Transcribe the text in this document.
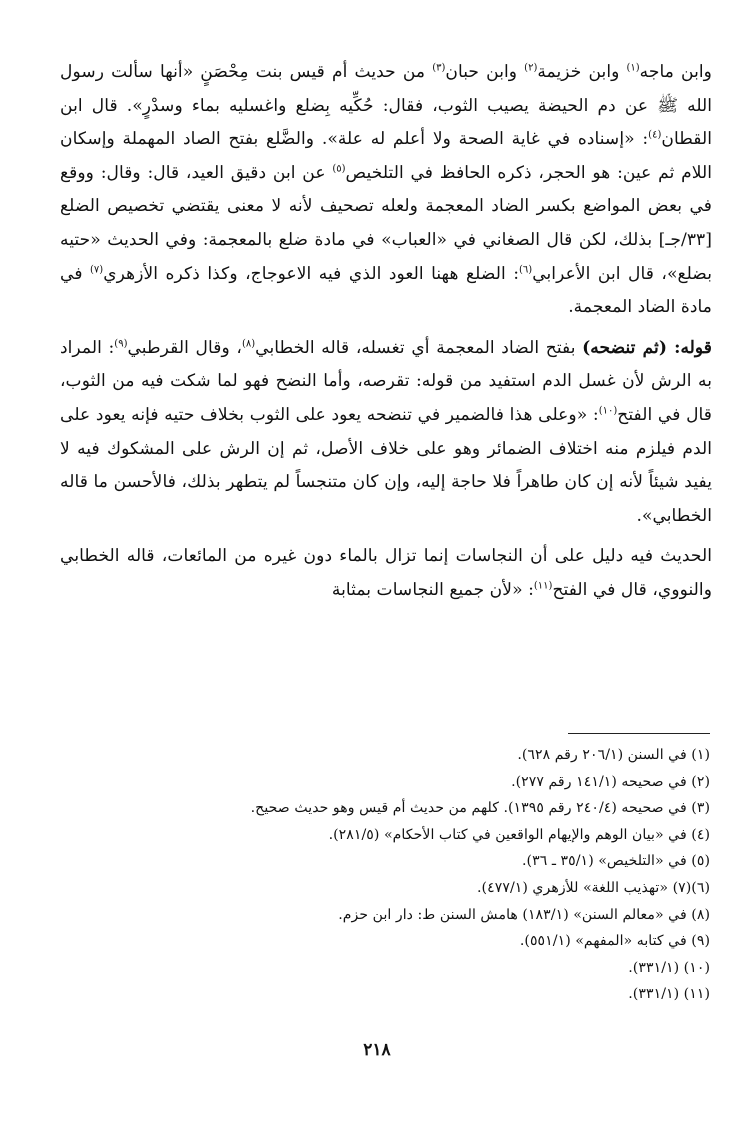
وابن ماجه$^{(١)}$ وابن خزيمة$^{(٢)}$ وابن حبان$^{(٣)}$ من حديث أم قيس بنت مِحْصَنٍ «أنها سألت رسول الله ﷺ عن دم الحيضة يصيب الثوب، فقال: حُكِّيه بِضلع واغسليه بماء وسدْرٍ». قال ابن القطان$^{(٤)}$: «إسناده في غاية الصحة ولا أعلم له علة». والضَّلع بفتح الصاد المهملة وإسكان اللام ثم عين: هو الحجر، ذكره الحافظ في التلخيص$^{(٥)}$ عن ابن دقيق العيد، قال: وقال: ووقع في بعض المواضع بكسر الضاد المعجمة ولعله تصحيف لأنه لا معنى يقتضي تخصيص الضلع [٣٣/جـ] بذلك، لكن قال الصغاني في «العباب» في مادة ضلع بالمعجمة: وفي الحديث «حتيه بضلع»، قال ابن الأعرابي$^{(٦)}$: الضلع ههنا العود الذي فيه الاعوجاج، وكذا ذكره الأزهري$^{(٧)}$ في مادة الضاد المعجمة.

قوله: (ثم تنضحه) بفتح الضاد المعجمة أي تغسله، قاله الخطابي$^{(٨)}$، وقال القرطبي$^{(٩)}$: المراد به الرش لأن غسل الدم استفيد من قوله: تقرصه، وأما النضح فهو لما شكت فيه من الثوب، قال في الفتح$^{(١٠)}$: «وعلى هذا فالضمير في تنضحه يعود على الثوب بخلاف حتيه فإنه يعود على الدم فيلزم منه اختلاف الضمائر وهو على خلاف الأصل، ثم إن الرش على المشكوك فيه لا يفيد شيئاً لأنه إن كان طاهراً فلا حاجة إليه، وإن كان متنجساً لم يتطهر بذلك، فالأحسن ما قاله الخطابي».

الحديث فيه دليل على أن النجاسات إنما تزال بالماء دون غيره من المائعات، قاله الخطابي والنووي، قال في الفتح$^{(١١)}$: «لأن جميع النجاسات بمثابة

(١) في السنن (٢٠٦/١ رقم ٦٢٨).
(٢) في صحيحه (١٤١/١ رقم ٢٧٧).
(٣) في صحيحه (٢٤٠/٤ رقم ١٣٩٥). كلهم من حديث أم قيس وهو حديث صحيح.
(٤) في «بيان الوهم والإيهام الواقعين في كتاب الأحكام» (٢٨١/٥).
(٥) في «التلخيص» (٣٥/١ ـ ٣٦).
(٦)(٧) «تهذيب اللغة» للأزهري (٤٧٧/١).
(٨) في «معالم السنن» (١٨٣/١) هامش السنن ط: دار ابن حزم.
(٩) في كتابه «المفهم» (٥٥١/١).
(١٠) (٣٣١/١).
(١١) (٣٣١/١).
٢١٨
